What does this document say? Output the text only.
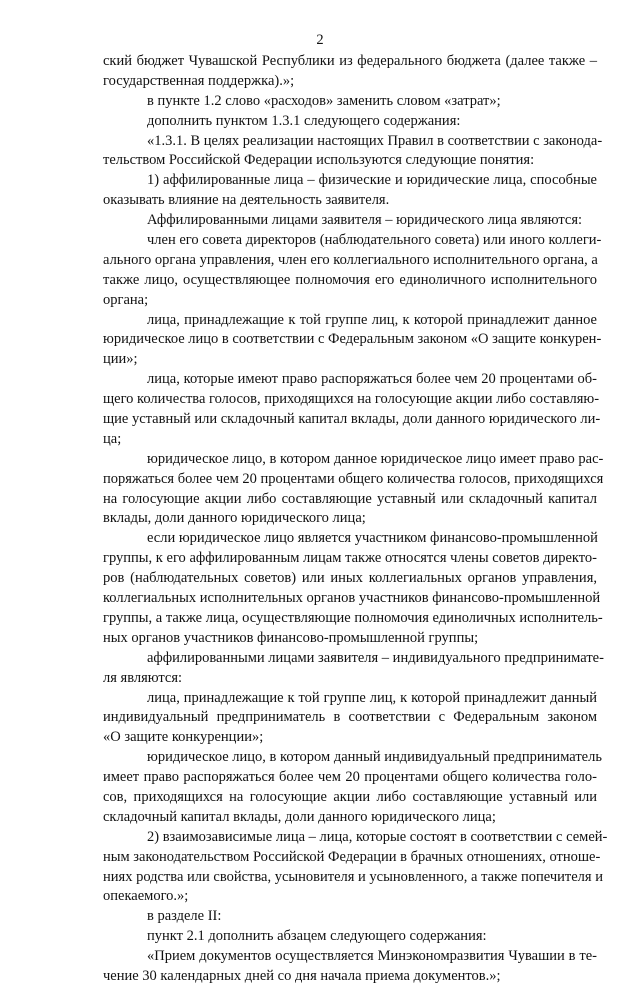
2
ский бюджет Чувашской Республики из федерального бюджета (далее также –
государственная поддержка).»;
в пункте 1.2 слово «расходов» заменить словом «затрат»;
дополнить пунктом 1.3.1 следующего содержания:
«1.3.1. В целях реализации настоящих Правил в соответствии с законода-
тельством Российской Федерации используются следующие понятия:
1) аффилированные лица – физические и юридические лица, способные
оказывать влияние на деятельность заявителя.
Аффилированными лицами заявителя – юридического лица являются:
член его совета директоров (наблюдательного совета) или иного коллеги-
ального органа управления, член его коллегиального исполнительного органа, а
также лицо, осуществляющее полномочия его единоличного исполнительного
органа;
лица, принадлежащие к той группе лиц, к которой принадлежит данное
юридическое лицо в соответствии с Федеральным законом «О защите конкурен-
ции»;
лица, которые имеют право распоряжаться более чем 20 процентами об-
щего количества голосов, приходящихся на голосующие акции либо составляю-
щие уставный или складочный капитал вклады, доли данного юридического ли-
ца;
юридическое лицо, в котором данное юридическое лицо имеет право рас-
поряжаться более чем 20 процентами общего количества голосов, приходящихся
на голосующие акции либо составляющие уставный или складочный капитал
вклады, доли данного юридического лица;
если юридическое лицо является участником финансово-промышленной
группы, к его аффилированным лицам также относятся члены советов директо-
ров (наблюдательных советов) или иных коллегиальных органов управления,
коллегиальных исполнительных органов участников финансово-промышленной
группы, а также лица, осуществляющие полномочия единоличных исполнитель-
ных органов участников финансово-промышленной группы;
аффилированными лицами заявителя – индивидуального предпринимате-
ля являются:
лица, принадлежащие к той группе лиц, к которой принадлежит данный
индивидуальный предприниматель в соответствии с Федеральным законом
«О защите конкуренции»;
юридическое лицо, в котором данный индивидуальный предприниматель
имеет право распоряжаться более чем 20 процентами общего количества голо-
сов, приходящихся на голосующие акции либо составляющие уставный или
складочный капитал вклады, доли данного юридического лица;
2) взаимозависимые лица – лица, которые состоят в соответствии с семей-
ным законодательством Российской Федерации в брачных отношениях, отноше-
ниях родства или свойства, усыновителя и усыновленного, а также попечителя и
опекаемого.»;
в разделе II:
пункт 2.1 дополнить абзацем следующего содержания:
«Прием документов осуществляется Минэкономразвития Чувашии в те-
чение 30 календарных дней со дня начала приема документов.»;
